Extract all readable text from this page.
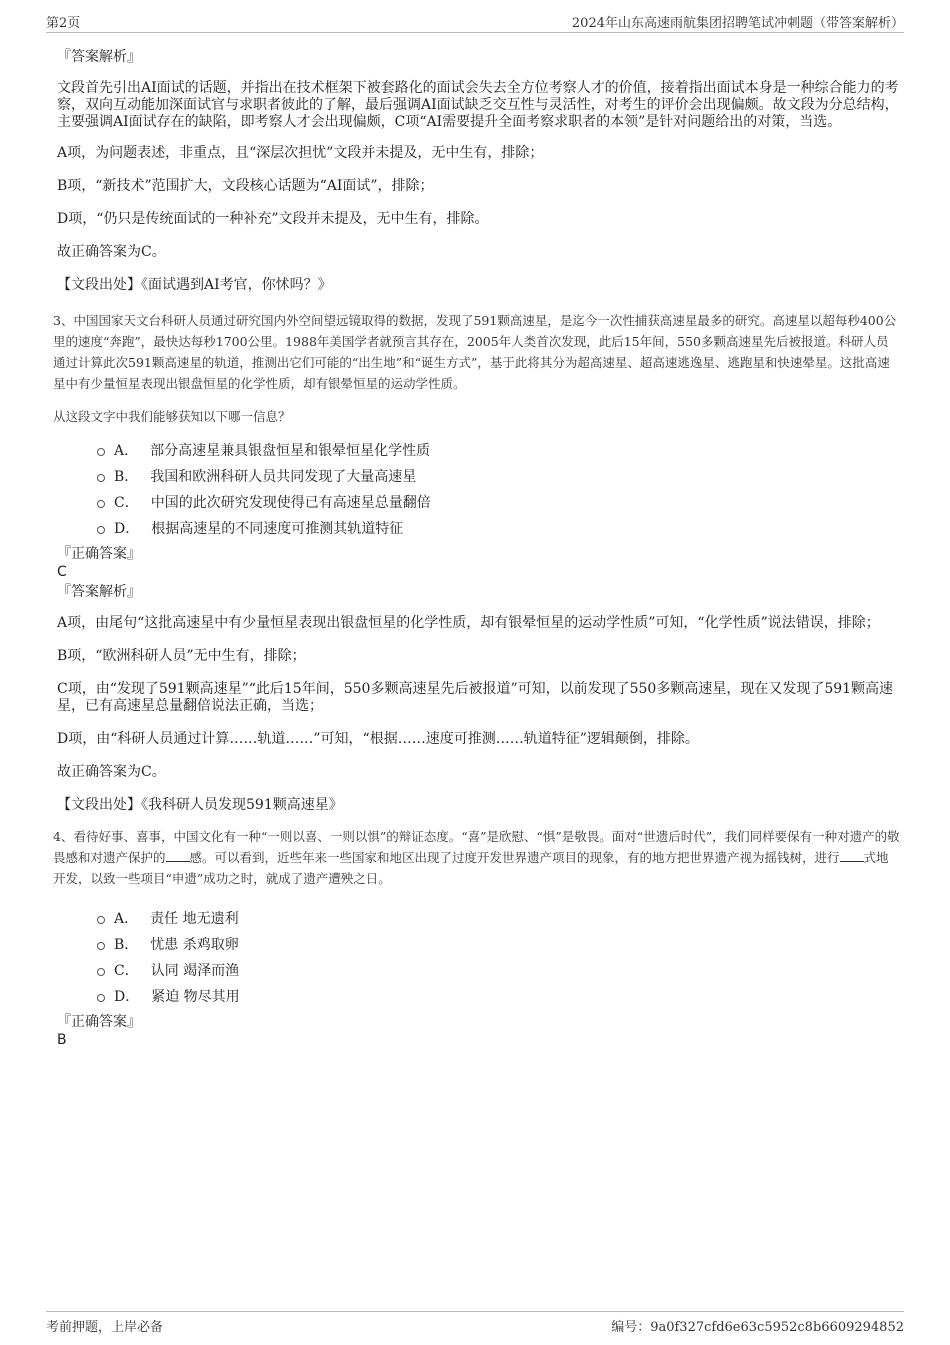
第2页	2024年山东高速雨航集团招聘笔试冲刺题（带答案解析）

『答案解析』

文段首先引出AI面试的话题，并指出在技术框架下被套路化的面试会失去全方位考察人才的价值，接着指出面试本身是一种综合能力的考察，双向互动能加深面试官与求职者彼此的了解，最后强调AI面试缺乏交互性与灵活性，对考生的评价会出现偏颇。故文段为分总结构，主要强调AI面试存在的缺陷，即考察人才会出现偏颇，C项“AI需要提升全面考察求职者的本领”是针对问题给出的对策，当选。

A项，为问题表述，非重点，且“深层次担忧”文段并未提及，无中生有，排除；

B项，“新技术”范围扩大，文段核心话题为“AI面试”，排除；

D项，“仍只是传统面试的一种补充”文段并未提及，无中生有，排除。

故正确答案为C。

【文段出处】《面试遇到AI考官，你怵吗？》

3、中国国家天文台科研人员通过研究国内外空间望远镜取得的数据，发现了591颗高速星，是迄今一次性捕获高速星最多的研究。高速星以超每秒400公里的速度“奔跑”，最快达每秒1700公里。1988年美国学者就预言其存在，2005年人类首次发现，此后15年间，550多颗高速星先后被报道。科研人员通过计算此次591颗高速星的轨道，推测出它们可能的“出生地”和“诞生方式”，基于此将其分为超高速星、超高速逃逸星、逃跑星和快速晕星。这批高速星中有少量恒星表现出银盘恒星的化学性质，却有银晕恒星的运动学性质。

从这段文字中我们能够获知以下哪一信息？

A． 部分高速星兼具银盘恒星和银晕恒星化学性质
B． 我国和欧洲科研人员共同发现了大量高速星
C． 中国的此次研究发现使得已有高速星总量翻倍
D． 根据高速星的不同速度可推测其轨道特征

『正确答案』

C

『答案解析』

A项，由尾句“这批高速星中有少量恒星表现出银盘恒星的化学性质，却有银晕恒星的运动学性质”可知，“化学性质”说法错误，排除；

B项，“欧洲科研人员”无中生有，排除；

C项，由“发现了591颗高速星”“此后15年间，550多颗高速星先后被报道”可知，以前发现了550多颗高速星，现在又发现了591颗高速星，已有高速星总量翻倍说法正确，当选；

D项，由“科研人员通过计算……轨道……”可知，“根据……速度可推测……轨道特征”逻辑颠倒，排除。

故正确答案为C。

【文段出处】《我科研人员发现591颗高速星》

4、看待好事、喜事，中国文化有一种“一则以喜、一则以惧”的辩证态度。“喜”是欣慰、“惧”是敬畏。面对“世遗后时代”，我们同样要保有一种对遗产的敬畏感和对遗产保护的 感。可以看到，近些年来一些国家和地区出现了过度开发世界遗产项目的现象，有的地方把世界遗产视为摇钱树，进行 式地开发，以致一些项目“申遗”成功之时，就成了遗产遭殃之日。

A． 责任 地无遗利
B． 忧患 杀鸡取卵
C． 认同 竭泽而渔
D． 紧迫 物尽其用

『正确答案』

B

考前押题，上岸必备	编号：9a0f327cfd6e63c5952c8b6609294852
